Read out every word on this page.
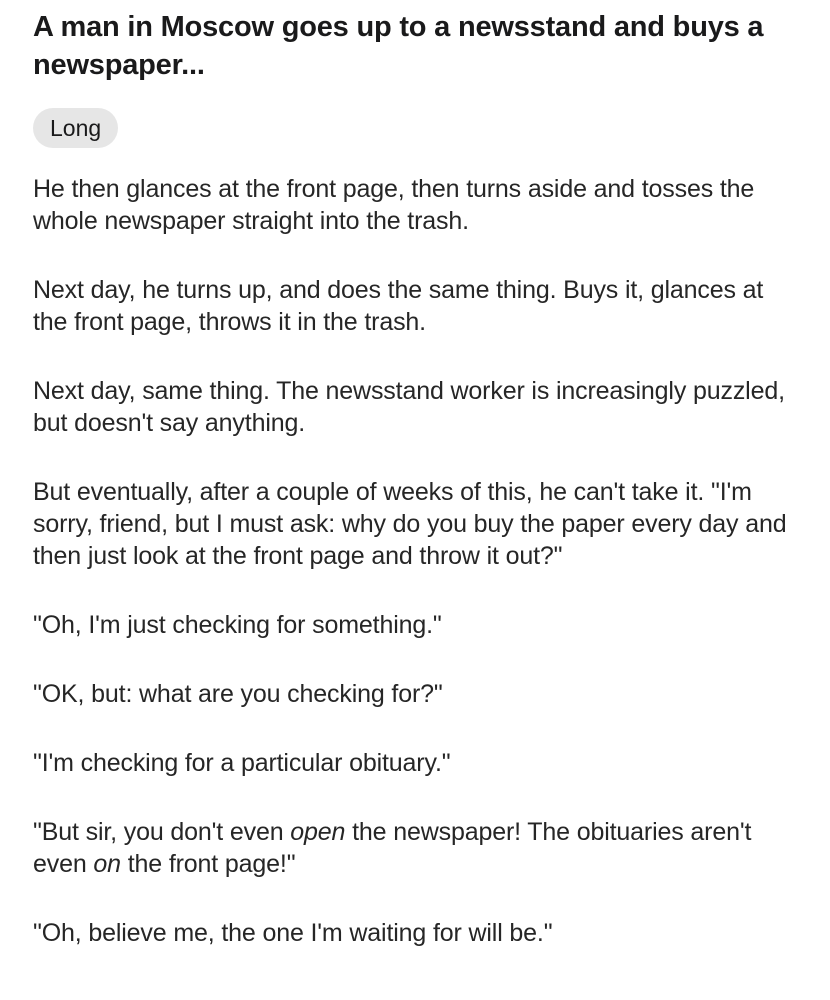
A man in Moscow goes up to a newsstand and buys a newspaper...
Long

He then glances at the front page, then turns aside and tosses the whole newspaper straight into the trash.

Next day, he turns up, and does the same thing. Buys it, glances at the front page, throws it in the trash.

Next day, same thing. The newsstand worker is increasingly puzzled, but doesn't say anything.

But eventually, after a couple of weeks of this, he can't take it. "I'm sorry, friend, but I must ask: why do you buy the paper every day and then just look at the front page and throw it out?"

"Oh, I'm just checking for something."

"OK, but: what are you checking for?"

"I'm checking for a particular obituary."

"But sir, you don't even open the newspaper! The obituaries aren't even on the front page!"

"Oh, believe me, the one I'm waiting for will be."
